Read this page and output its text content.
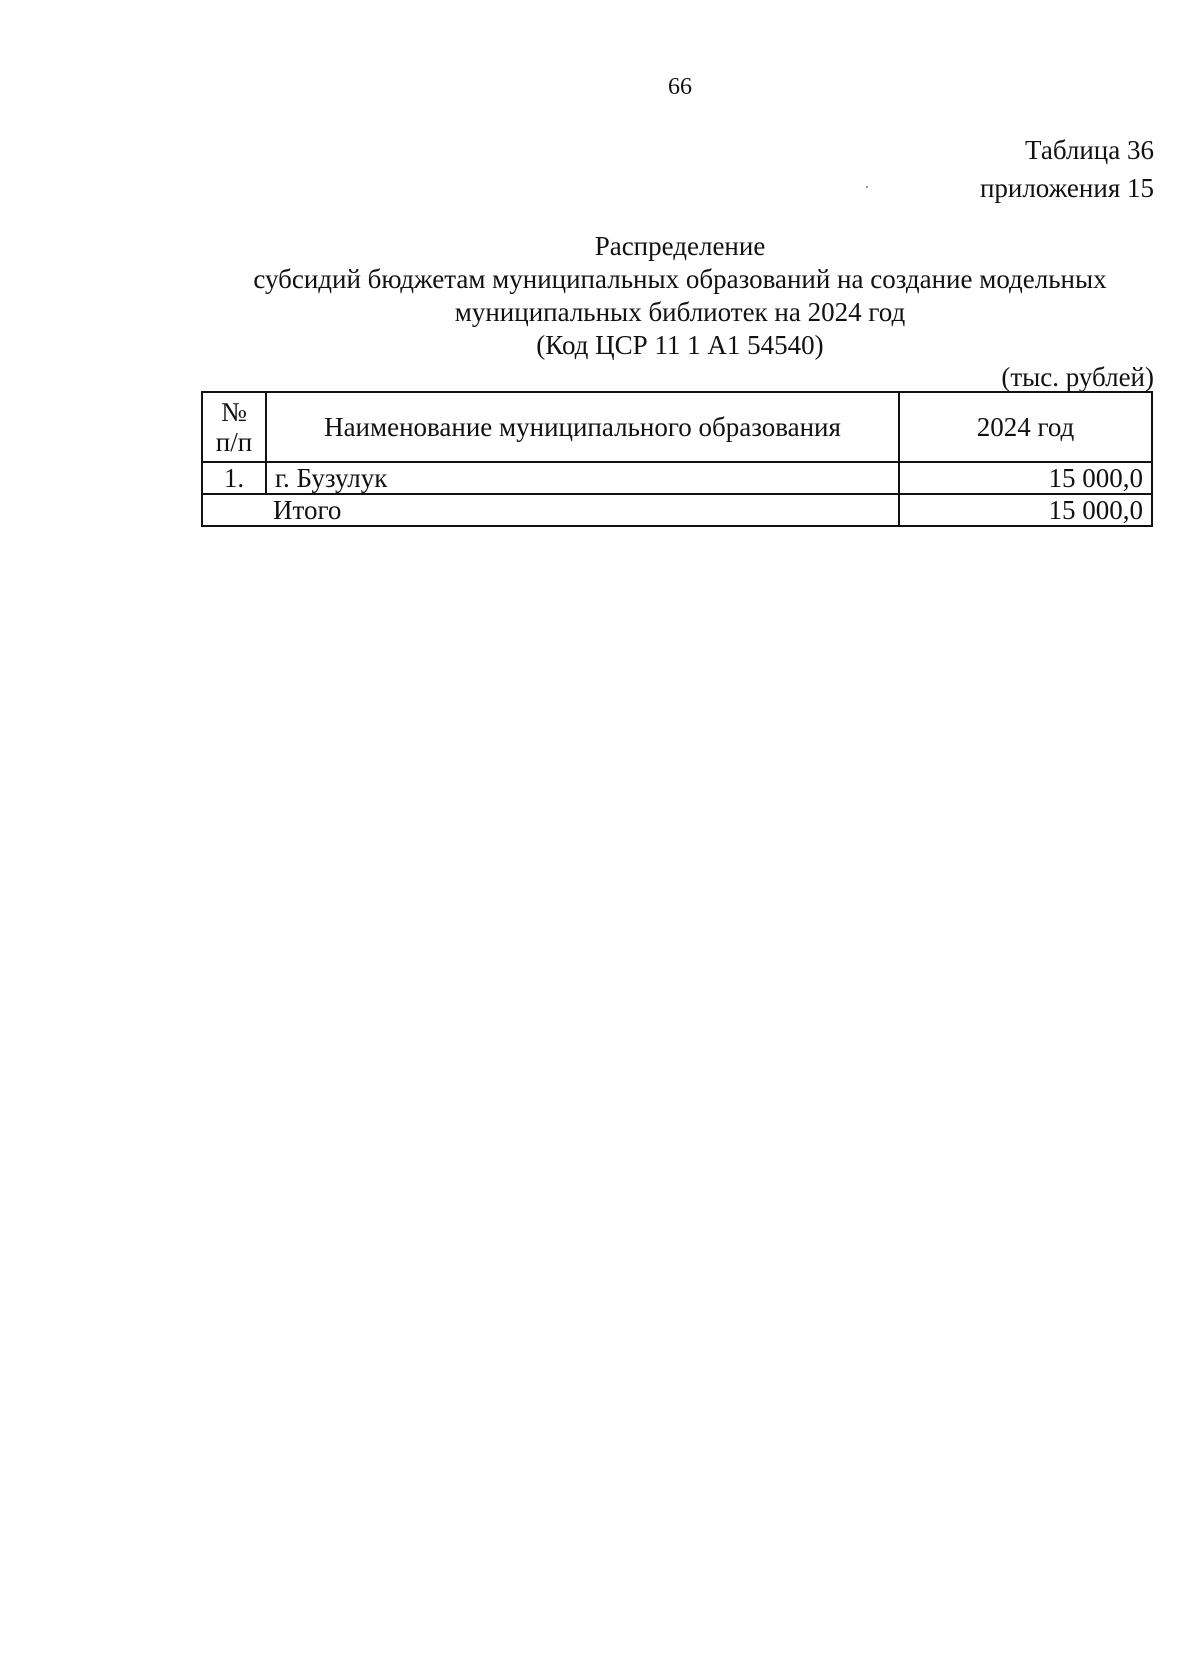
66
Таблица 36
приложения 15
Распределение
субсидий бюджетам муниципальных образований на создание модельных
муниципальных библиотек на 2024 год
(Код ЦСР 11 1 А1 54540)
(тыс. рублей)
№
п/п	Наименование муниципального образования	2024 год
1.	г. Бузулук	15 000,0
Итого		15 000,0
